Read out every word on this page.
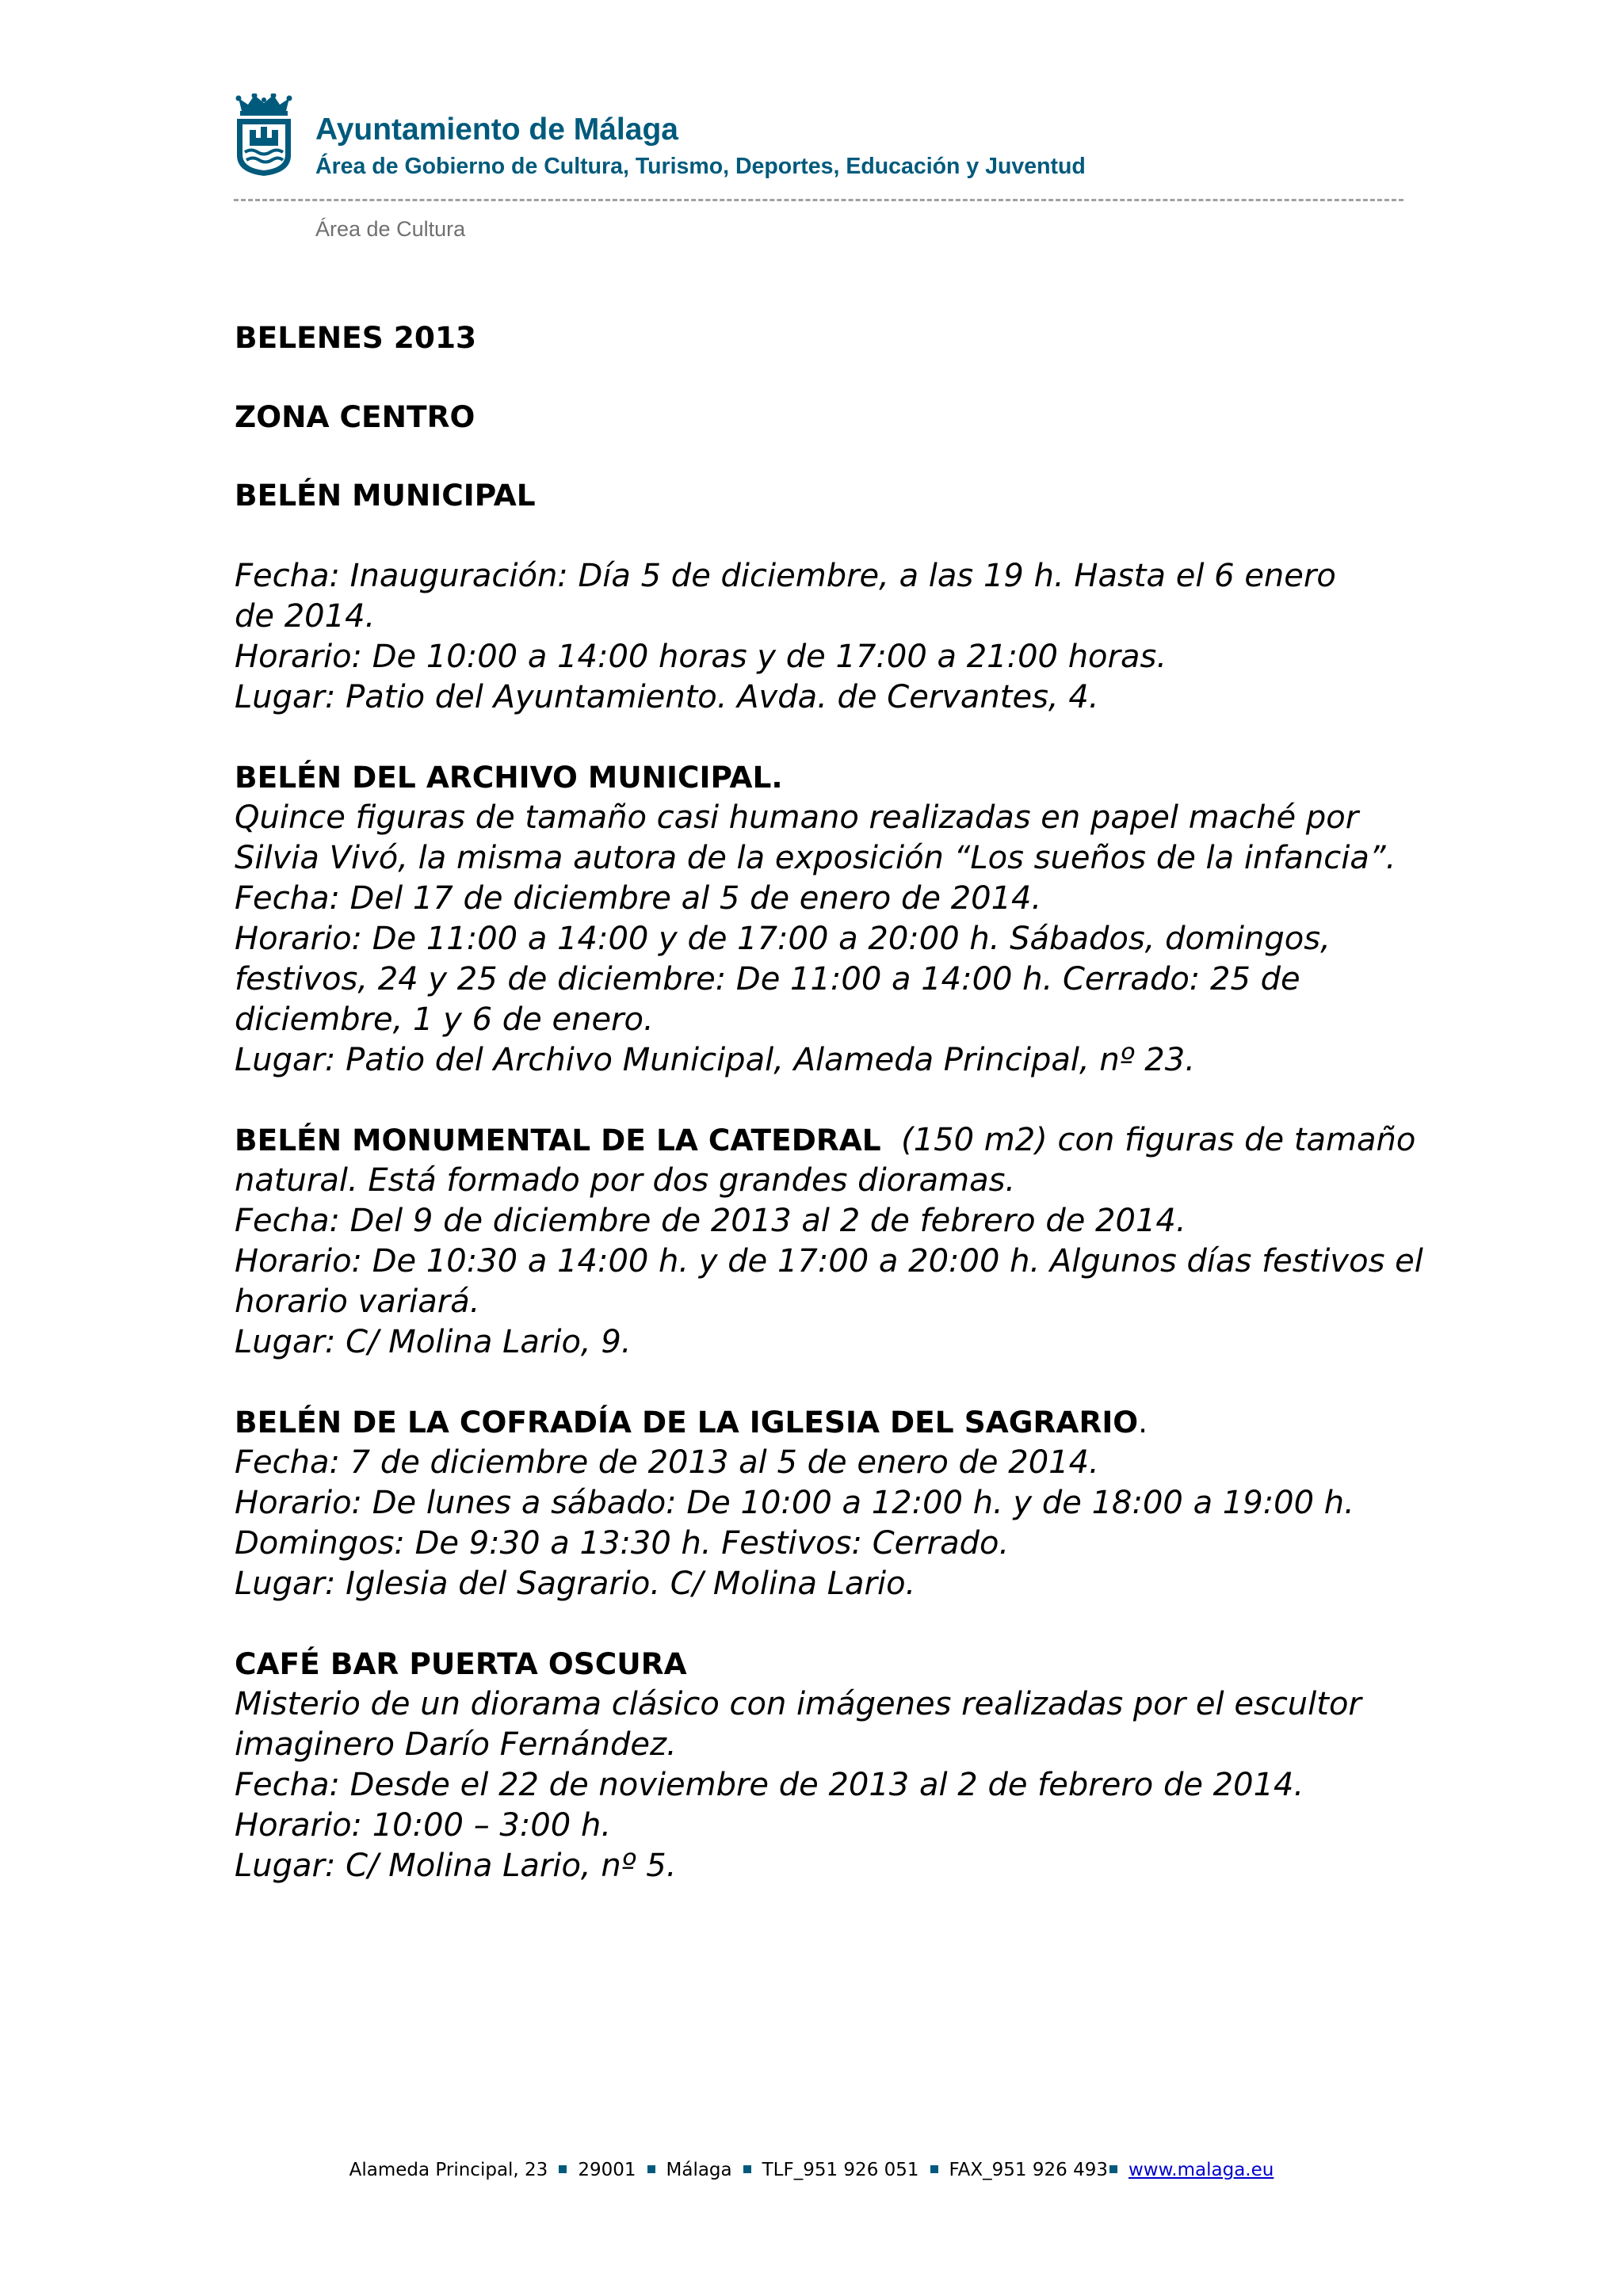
Ayuntamiento de Málaga
Área de Gobierno de Cultura, Turismo, Deportes, Educación y Juventud
Área de Cultura
BELENES 2013
ZONA CENTRO
BELÉN MUNICIPAL
Fecha: Inauguración: Día 5 de diciembre, a las 19 h. Hasta el 6 enero
de 2014.
Horario: De 10:00 a 14:00 horas y de 17:00 a 21:00 horas.
Lugar: Patio del Ayuntamiento. Avda. de Cervantes, 4.
BELÉN DEL ARCHIVO MUNICIPAL.
Quince figuras de tamaño casi humano realizadas en papel maché por
Silvia Vivó, la misma autora de la exposición “Los sueños de la infancia”.
Fecha: Del 17 de diciembre al 5 de enero de 2014.
Horario: De 11:00 a 14:00 y de 17:00 a 20:00 h. Sábados, domingos,
festivos, 24 y 25 de diciembre: De 11:00 a 14:00 h. Cerrado: 25 de
diciembre, 1 y 6 de enero.
Lugar: Patio del Archivo Municipal, Alameda Principal, nº 23.
BELÉN MONUMENTAL DE LA CATEDRAL  (150 m2) con figuras de tamaño
natural. Está formado por dos grandes dioramas.
Fecha: Del 9 de diciembre de 2013 al 2 de febrero de 2014.
Horario: De 10:30 a 14:00 h. y de 17:00 a 20:00 h. Algunos días festivos el
horario variará.
Lugar: C/ Molina Lario, 9.
BELÉN DE LA COFRADÍA DE LA IGLESIA DEL SAGRARIO.
Fecha: 7 de diciembre de 2013 al 5 de enero de 2014.
Horario: De lunes a sábado: De 10:00 a 12:00 h. y de 18:00 a 19:00 h.
Domingos: De 9:30 a 13:30 h. Festivos: Cerrado.
Lugar: Iglesia del Sagrario. C/ Molina Lario.
CAFÉ BAR PUERTA OSCURA
Misterio de un diorama clásico con imágenes realizadas por el escultor
imaginero Darío Fernández.
Fecha: Desde el 22 de noviembre de 2013 al 2 de febrero de 2014.
Horario: 10:00 – 3:00 h.
Lugar: C/ Molina Lario, nº 5.
Alameda Principal, 23 29001 Málaga TLF_951 926 051 FAX_951 926 493 www.malaga.eu
